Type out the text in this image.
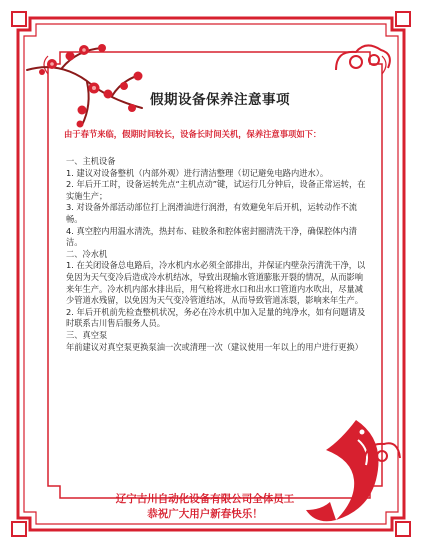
假期设备保养注意事项
由于春节来临，假期时间较长，设备长时间关机，保养注意事项如下：
一、主机设备

1. 建议对设备整机（内部外观）进行清洁整理（切记避免电路内进水）。

2. 年后开工时，设备运转先点“主机点动”键，试运行几分钟后，设备正常运转，在实施生产；

3. 对设备外部活动部位打上润滑油进行润滑，有效避免年后开机，运转动作不流畅。

4. 真空腔内用温水清洗，热封布、硅胶条和腔体密封圈清洗干净，确保腔体内清洁。

二、冷水机

1. 在关闭设备总电路后，冷水机内水必须全部排出，并保证内壁杂污清洗干净，以免因为天气变冷后造成冷水机结冰，导致出现输水管道膨胀开裂的情况，从而影响来年生产。冷水机内部水排出后，用气枪将进水口和出水口管道内水吹出，尽量减少管道水残留，以免因为天气变冷管道结冰，从而导致管道冻裂，影响来年生产。

2. 年后开机前先检查整机状况，务必在冷水机中加入足量的纯净水，如有问题请及时联系古川售后服务人员。

三、真空泵

年前建议对真空泵更换泵油一次或清理一次（建议使用一年以上的用户进行更换）

辽宁古川自动化设备有限公司全体员工
恭祝广大用户新春快乐！
